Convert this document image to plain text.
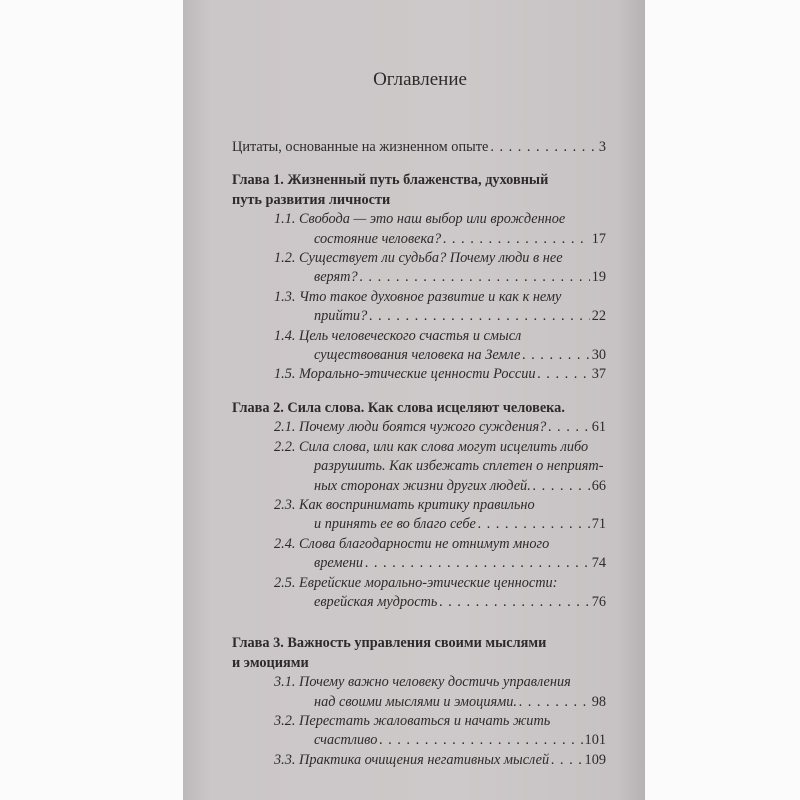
Оглавление
Цитаты, основанные на жизненном опыте . . .	3
Глава 1. Жизненный путь блаженства, духовный
путь развития личности
1.1. Свобода — это наш выбор или врожденное
состояние человека? . . .	17
1.2. Существует ли судьба? Почему люди в нее
верят? . . .	19
1.3. Что такое духовное развитие и как к нему
прийти? . . .	22
1.4. Цель человеческого счастья и смысл
существования человека на Земле . . .	30
1.5. Морально-этические ценности России . . .	37
Глава 2. Сила слова. Как слова исцеляют человека.
2.1. Почему люди боятся чужого суждения? . . .	61
2.2. Сила слова, или как слова могут исцелить либо
разрушить. Как избежать сплетен о неприят-
ных сторонах жизни других людей. . . .	66
2.3. Как воспринимать критику правильно
и принять ее во благо себе . . .	71
2.4. Слова благодарности не отнимут много
времени . . .	74
2.5. Еврейские морально-этические ценности:
еврейская мудрость . . .	76
Глава 3. Важность управления своими мыслями
и эмоциями
3.1. Почему важно человеку достичь управления
над своими мыслями и эмоциями. . . .	98
3.2. Перестать жаловаться и начать жить
счастливо . . .	101
3.3. Практика очищения негативных мыслей . . . 109
